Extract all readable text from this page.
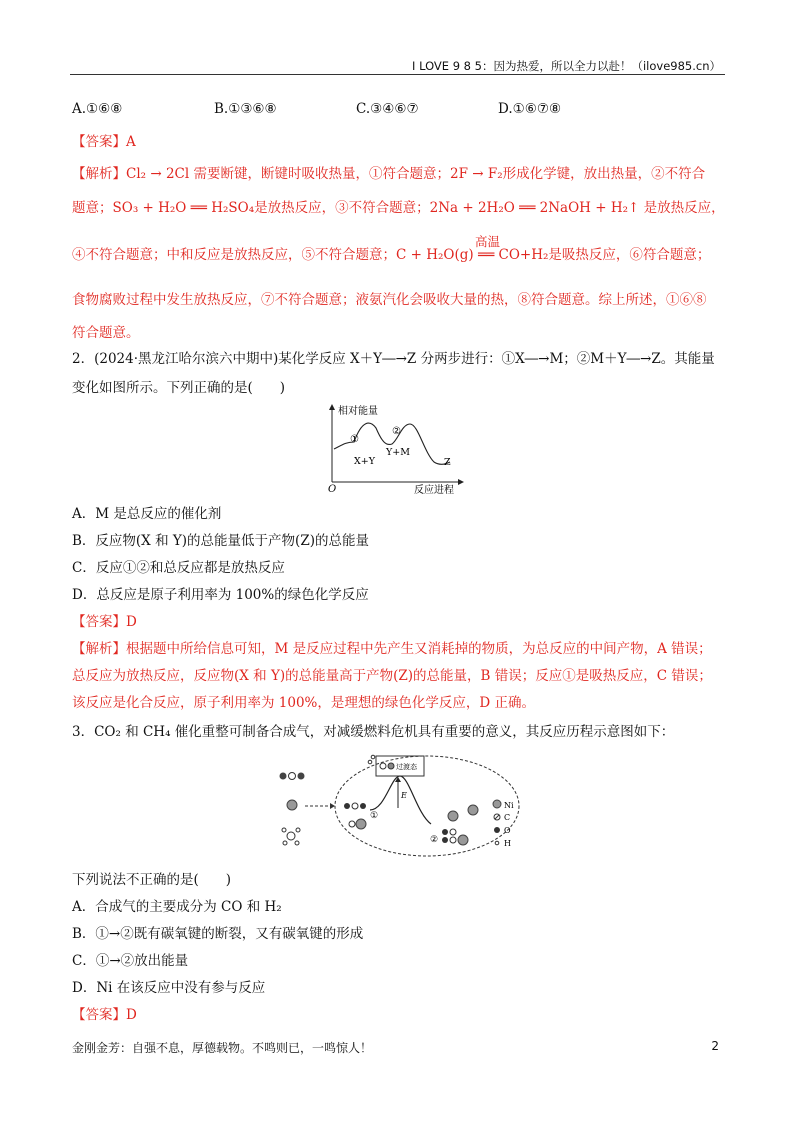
I LOVE 9 8 5：因为热爱，所以全力以赴！（ilove985.cn）
A.①⑥⑧	B.①③⑥⑧	C.③④⑥⑦	D.①⑥⑦⑧
【答案】A
【解析】Cl₂ → 2Cl 需要断键，断键时吸收热量，①符合题意；2F → F₂形成化学键，放出热量，②不符合
题意；SO₃ + H₂O ══ H₂SO₄是放热反应，③不符合题意；2Na + 2H₂O ══ 2NaOH + H₂↑ 是放热反应，
高温
④不符合题意；中和反应是放热反应，⑤不符合题意；C + H₂O(g) ══ CO+H₂是吸热反应，⑥符合题意；
食物腐败过程中发生放热反应，⑦不符合题意；液氨汽化会吸收大量的热，⑧符合题意。综上所述，①⑥⑧
符合题意。
2．(2024·黑龙江哈尔滨六中期中)某化学反应 X＋Y―→Z 分两步进行：①X―→M；②M＋Y―→Z。其能量
变化如图所示。下列正确的是(　　)
相对能量
①
②
X+Y
Y+M
Z
O	反应进程
A．M 是总反应的催化剂
B．反应物(X 和 Y)的总能量低于产物(Z)的总能量
C．反应①②和总反应都是放热反应
D．总反应是原子利用率为 100%的绿色化学反应
【答案】D
【解析】根据题中所给信息可知，M 是反应过程中先产生又消耗掉的物质，为总反应的中间产物，A 错误；
总反应为放热反应，反应物(X 和 Y)的总能量高于产物(Z)的总能量，B 错误；反应①是吸热反应，C 错误；
该反应是化合反应，原子利用率为 100%，是理想的绿色化学反应，D 正确。
3．CO₂ 和 CH₄ 催化重整可制备合成气，对减缓燃料危机具有重要的意义，其反应历程示意图如下：
E
过渡态
①
②
Ni
C
O
H
下列说法不正确的是(　　)
A．合成气的主要成分为 CO 和 H₂
B．①→②既有碳氧键的断裂，又有碳氧键的形成
C．①→②放出能量
D．Ni 在该反应中没有参与反应
【答案】D
金刚金芳：自强不息，厚德载物。不鸣则已，一鸣惊人！	2
